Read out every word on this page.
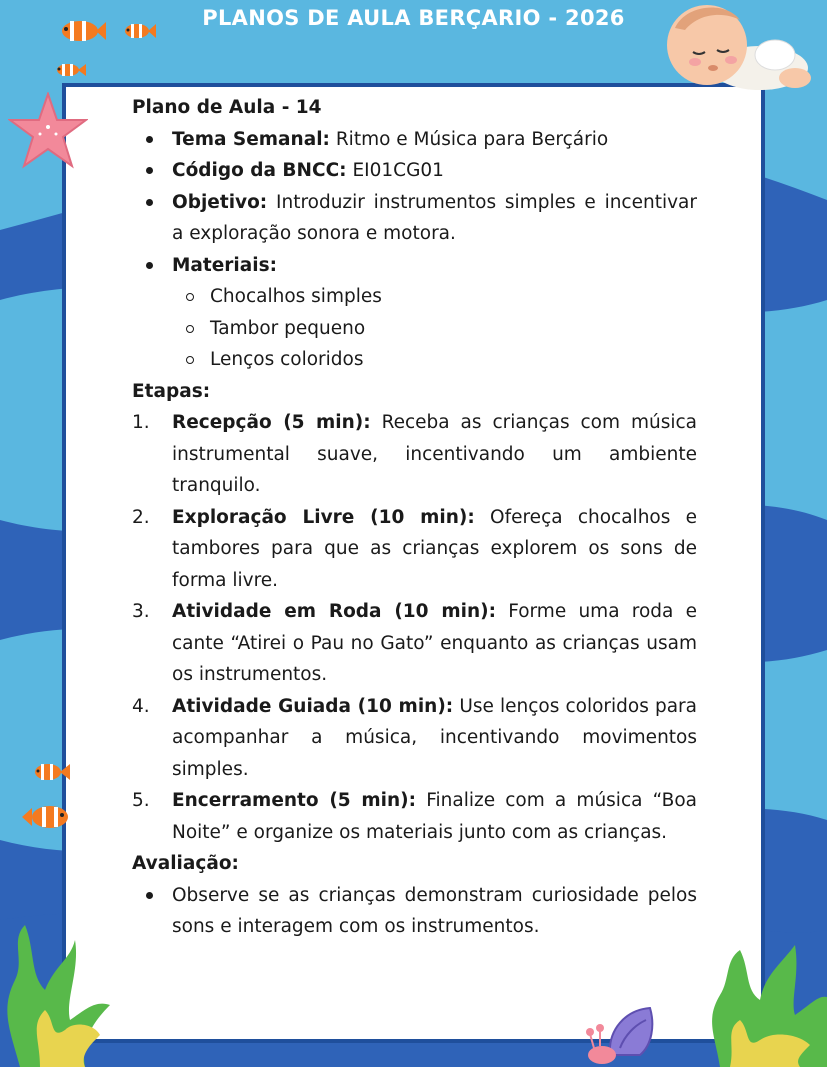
PLANOS DE AULA BERÇARIO - 2026
Plano de Aula - 14
Tema Semanal: Ritmo e Música para Berçário
Código da BNCC: EI01CG01
Objetivo: Introduzir instrumentos simples e incentivar a exploração sonora e motora.
Materiais:
Chocalhos simples
Tambor pequeno
Lenços coloridos
Etapas:
1.	Recepção (5 min): Receba as crianças com música instrumental suave, incentivando um ambiente tranquilo.
2.	Exploração Livre (10 min): Ofereça chocalhos e tambores para que as crianças explorem os sons de forma livre.
3.	Atividade em Roda (10 min): Forme uma roda e cante “Atirei o Pau no Gato” enquanto as crianças usam os instrumentos.
4.	Atividade Guiada (10 min): Use lenços coloridos para acompanhar a música, incentivando movimentos simples.
5.	Encerramento (5 min): Finalize com a música “Boa Noite” e organize os materiais junto com as crianças.
Avaliação:
Observe se as crianças demonstram curiosidade pelos sons e interagem com os instrumentos.
